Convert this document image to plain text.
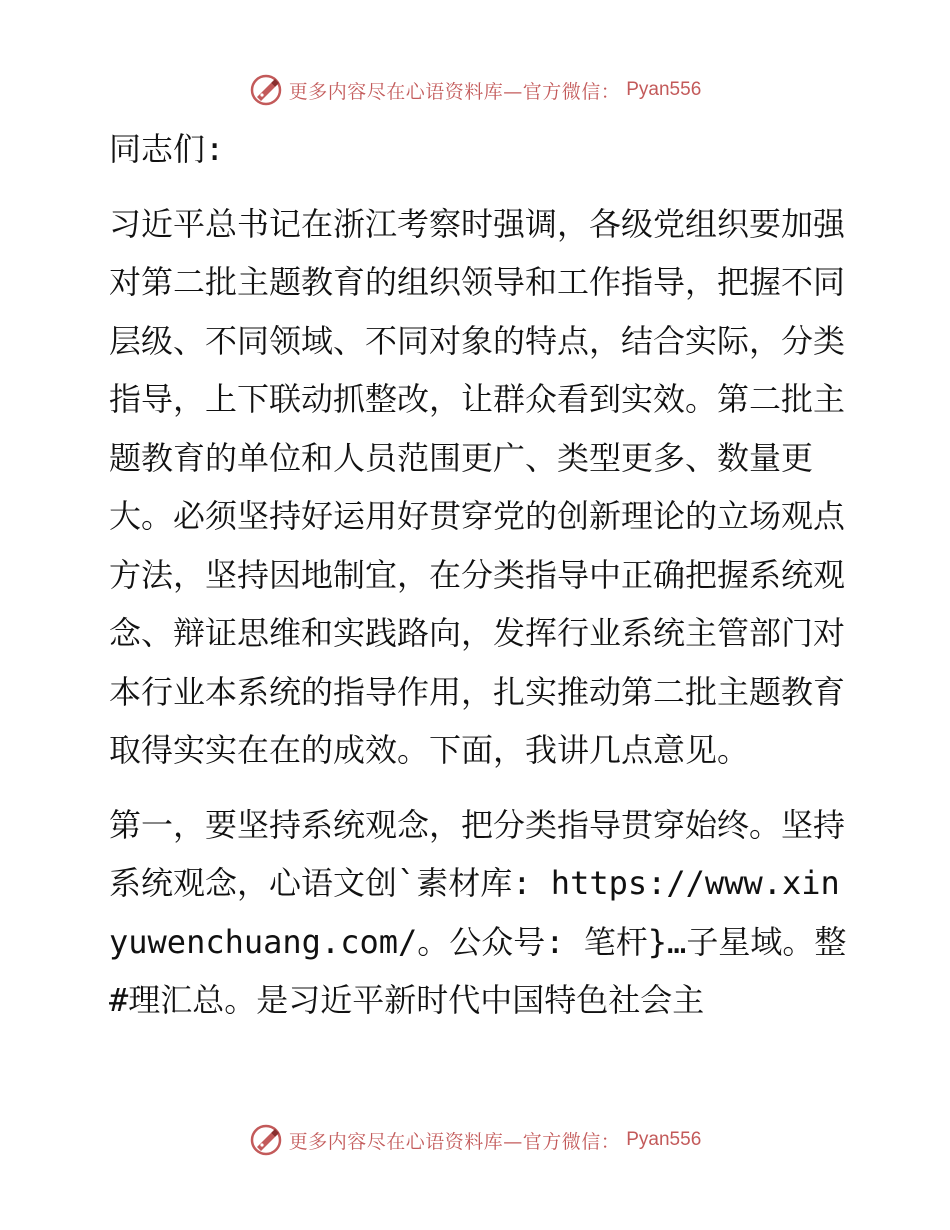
更多内容尽在心语资料库—官方微信： Pyan556

同志们:

习近平总书记在浙江考察时强调，各级党组织要加强对第二批主题教育的组织领导和工作指导，把握不同层级、不同领域、不同对象的特点，结合实际，分类指导，上下联动抓整改，让群众看到实效。第二批主题教育的单位和人员范围更广、类型更多、数量更大。必须坚持好运用好贯穿党的创新理论的立场观点方法，坚持因地制宜，在分类指导中正确把握系统观念、辩证思维和实践路向，发挥行业系统主管部门对本行业本系统的指导作用，扎实推动第二批主题教育取得实实在在的成效。下面，我讲几点意见。

第一，要坚持系统观念，把分类指导贯穿始终。坚持系统观念，心语文创`素材库: https://www.xinyuwenchuang.com/。公众号: 笔杆}…子星域。整#理汇总。是习近平新时代中国特色社会主

更多内容尽在心语资料库—官方微信： Pyan556
